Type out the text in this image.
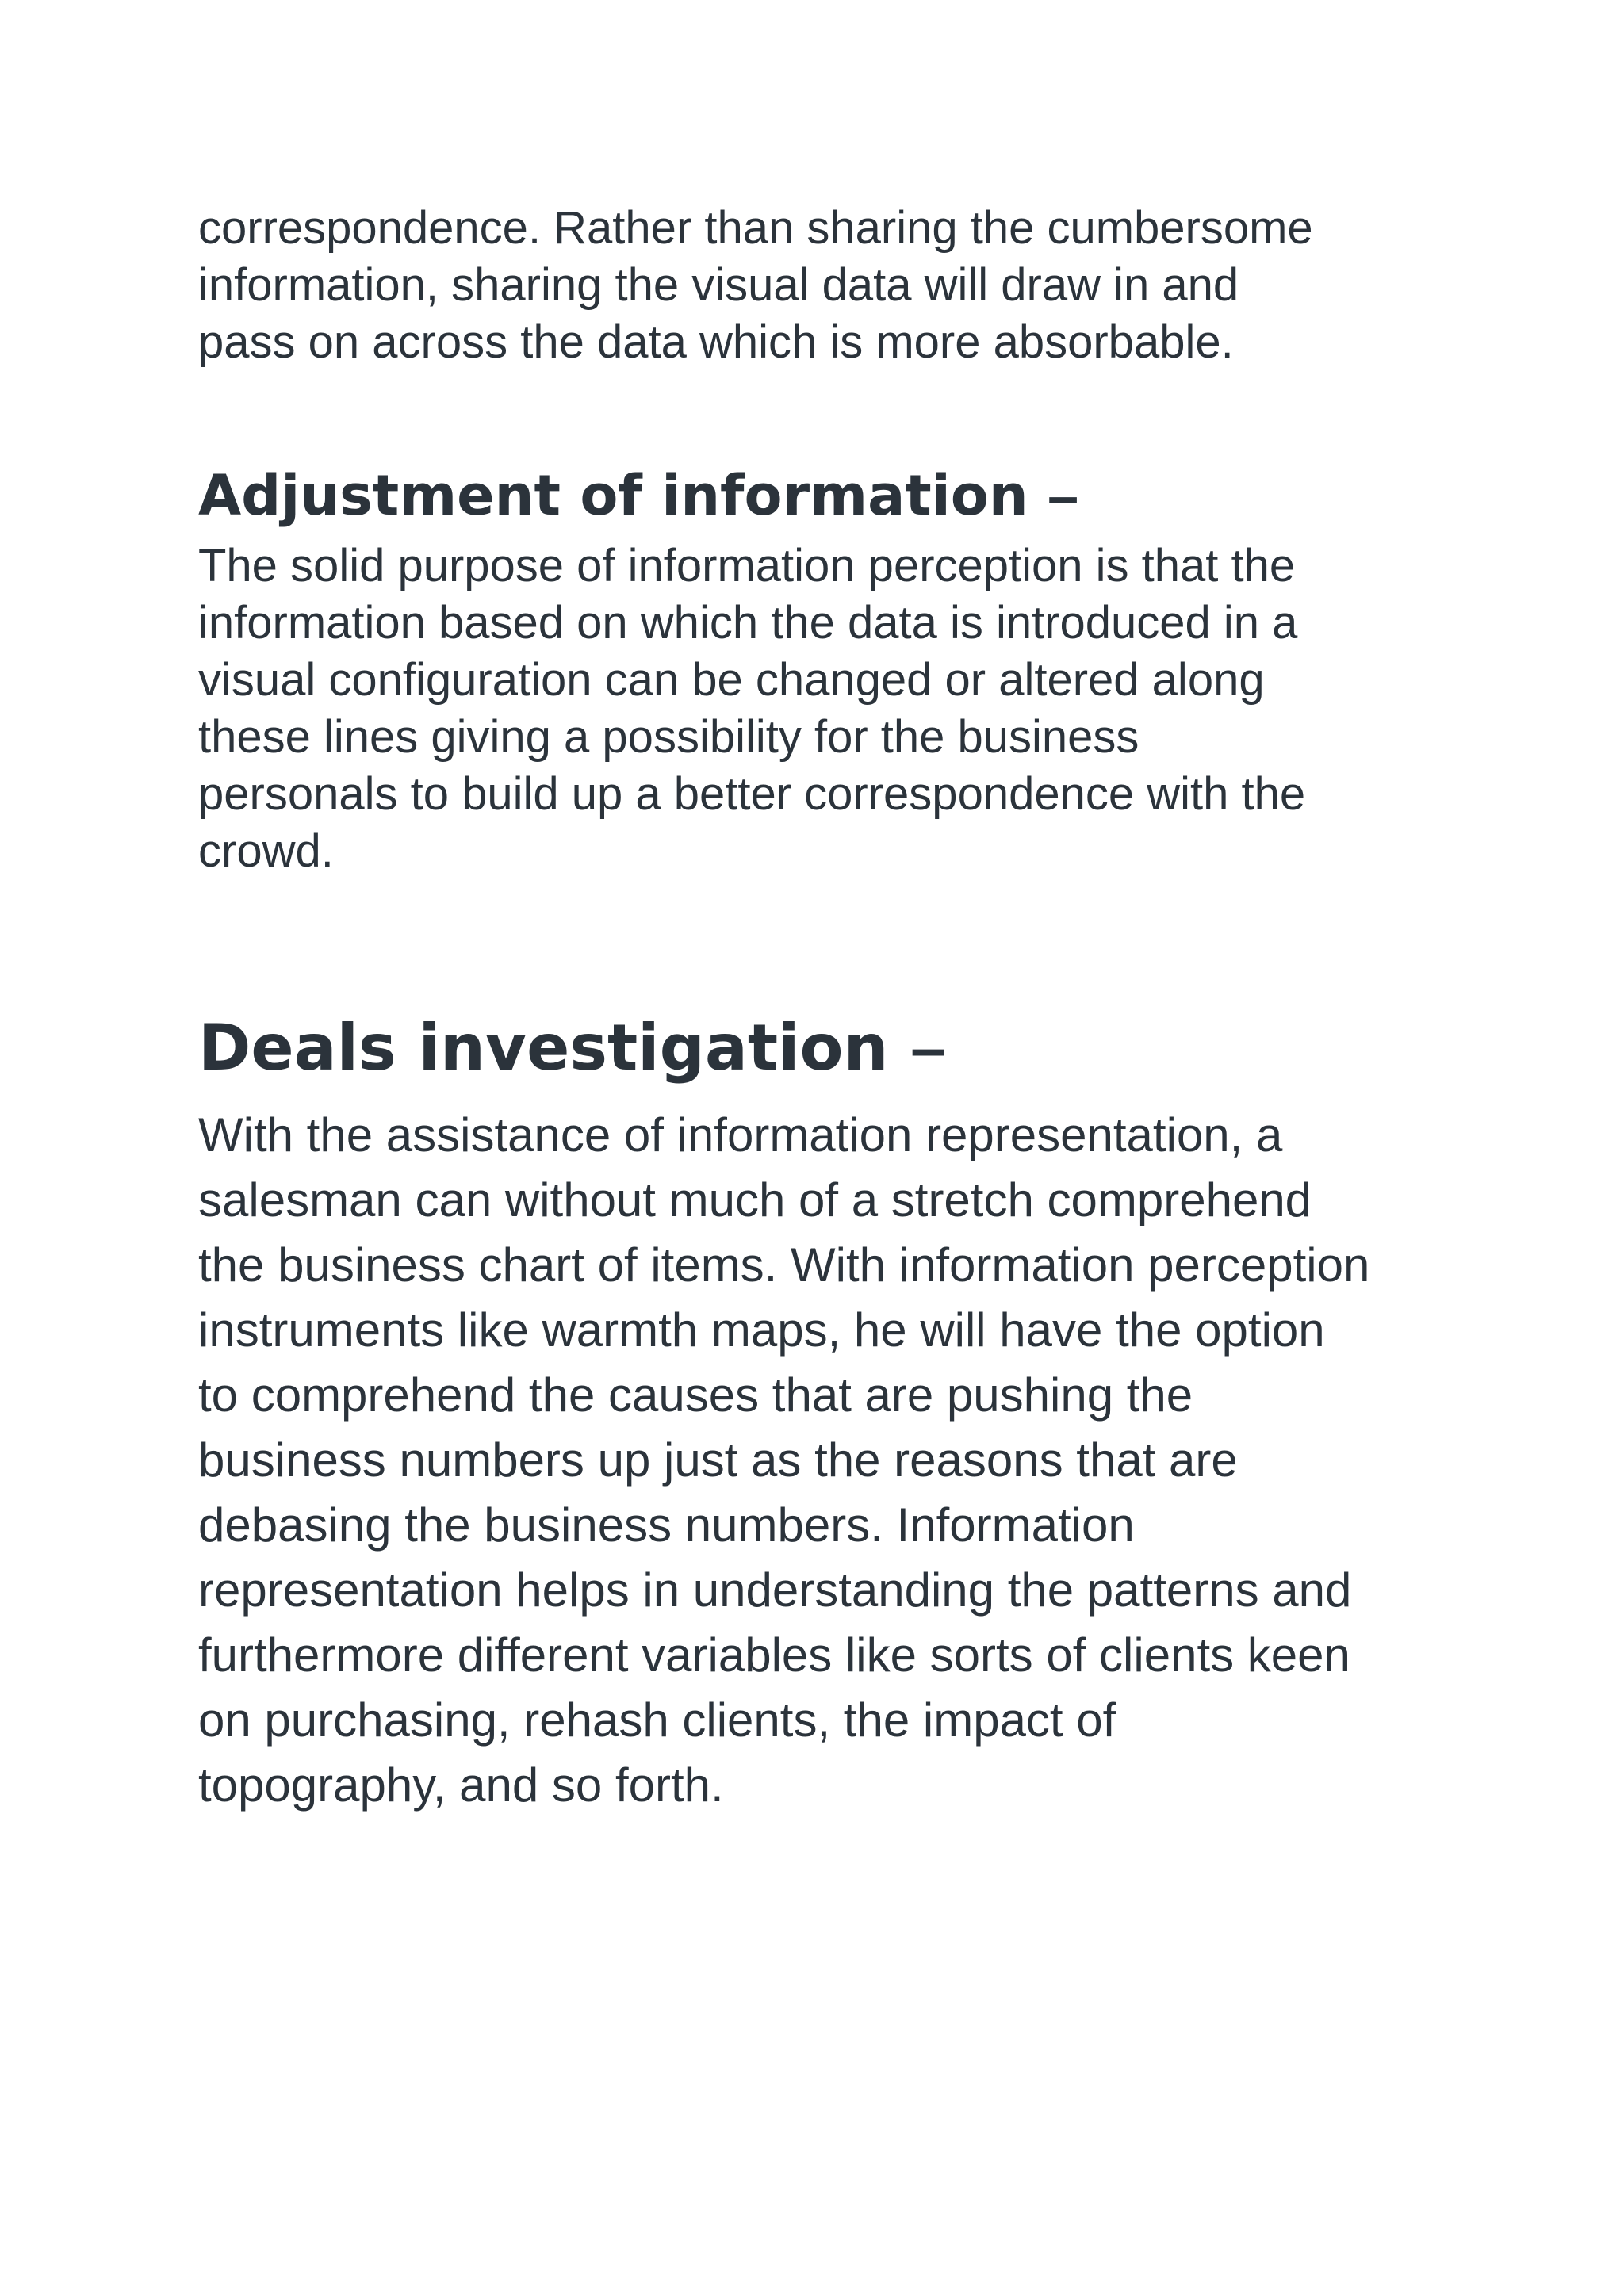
correspondence. Rather than sharing the cumbersome

information, sharing the visual data will draw in and

pass on across the data which is more absorbable.

Adjustment of information –

The solid purpose of information perception is that the

information based on which the data is introduced in a

visual configuration can be changed or altered along

these lines giving a possibility for the business

personals to build up a better correspondence with the

crowd.

Deals investigation –

With the assistance of information representation, a

salesman can without much of a stretch comprehend

the business chart of items. With information perception

instruments like warmth maps, he will have the option

to comprehend the causes that are pushing the

business numbers up just as the reasons that are

debasing the business numbers. Information

representation helps in understanding the patterns and

furthermore different variables like sorts of clients keen

on purchasing, rehash clients, the impact of

topography, and so forth.
